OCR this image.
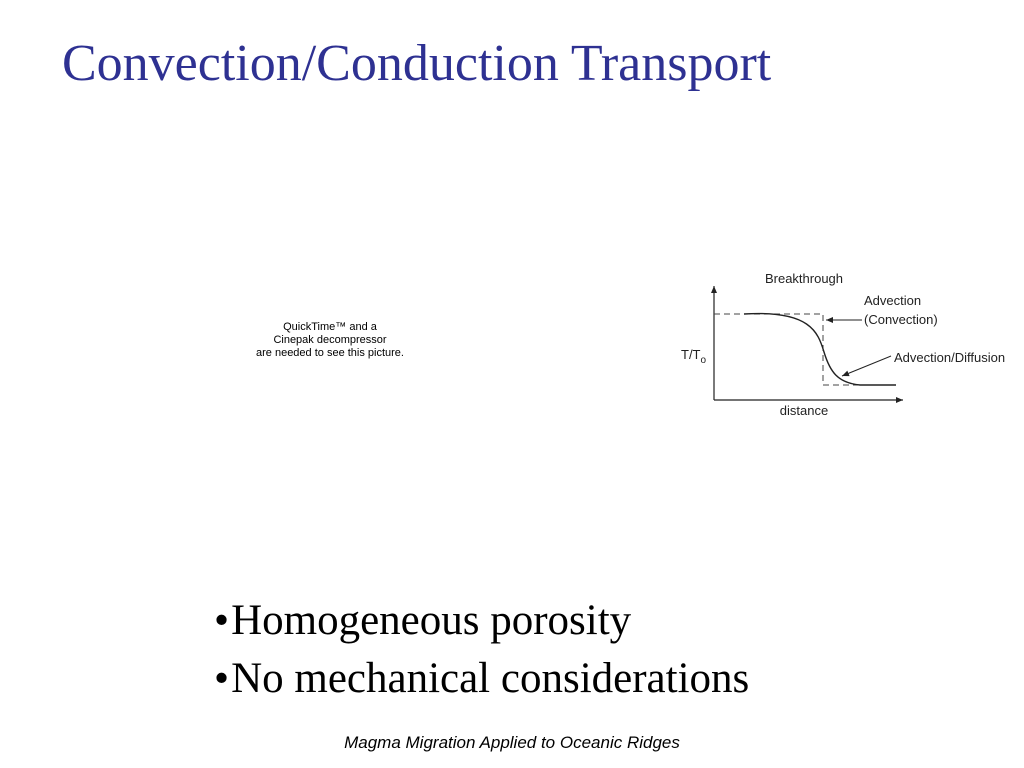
Convection/Conduction Transport
QuickTime™ and a
Cinepak decompressor
are needed to see this picture.
Breakthrough
$T/T_o$
distance
Advection
(Convection)
Advection/Diffusion
•Homogeneous porosity
•No mechanical considerations
Magma Migration Applied to Oceanic Ridges
